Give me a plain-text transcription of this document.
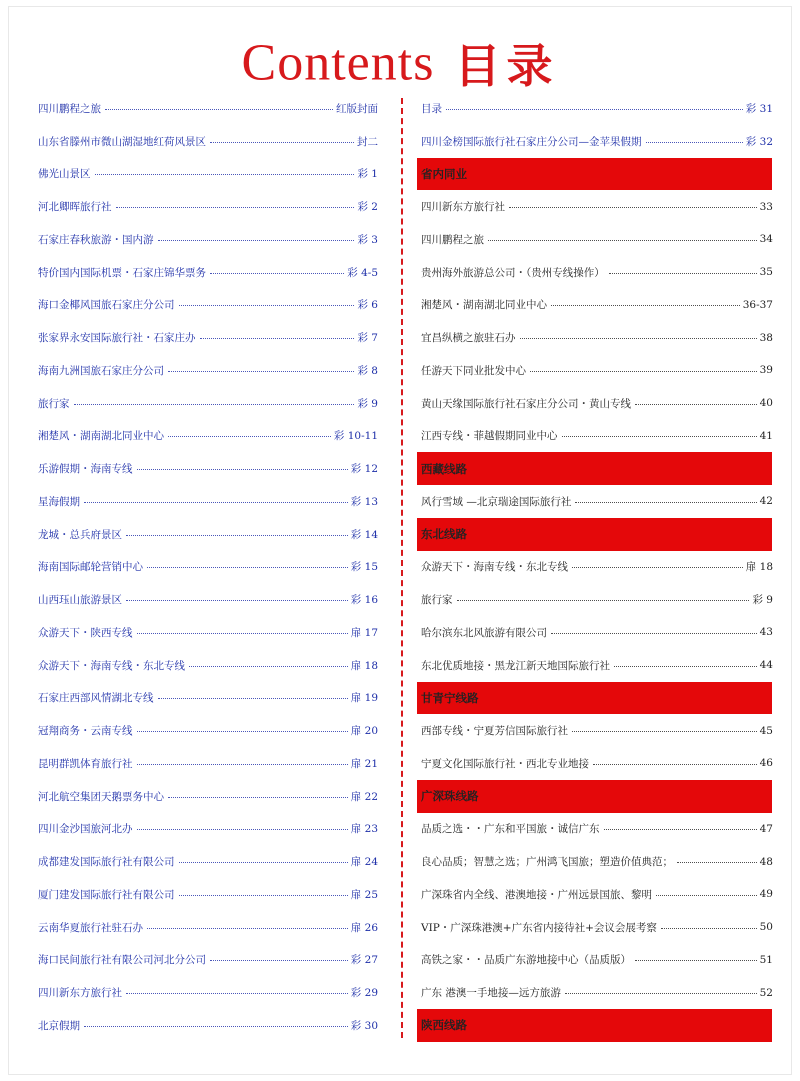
Contents 目录
四川鹏程之旅	红版封面
山东省滕州市微山湖湿地红荷风景区	封二
佛光山景区	彩 1
河北卿晖旅行社	彩 2
石家庄春秋旅游・国内游	彩 3
特价国内国际机票・石家庄锦华票务	彩 4-5
海口金椰风国旅石家庄分公司	彩 6
张家界永安国际旅行社・石家庄办	彩 7
海南九洲国旅石家庄分公司	彩 8
旅行家	彩 9
湘楚风・湖南湖北同业中心	彩 10-11
乐游假期・海南专线	彩 12
星海假期	彩 13
龙城・总兵府景区	彩 14
海南国际邮轮营销中心	彩 15
山西珏山旅游景区	彩 16
众游天下・陕西专线	扉 17
众游天下・海南专线・东北专线	扉 18
石家庄西部风情湖北专线	扉 19
冠翔商务・云南专线	扉 20
昆明群凯体育旅行社	扉 21
河北航空集团天鹅票务中心	扉 22
四川金沙国旅河北办	扉 23
成都建发国际旅行社有限公司	扉 24
厦门建发国际旅行社有限公司	扉 25
云南华夏旅行社驻石办	扉 26
海口民间旅行社有限公司河北分公司	彩 27
四川新东方旅行社	彩 29
北京假期	彩 30
目录	彩 31
四川金榜国际旅行社石家庄分公司—金苹果假期	彩 32
省内同业
四川新东方旅行社	33
四川鹏程之旅	34
贵州海外旅游总公司・（贵州专线操作）	35
湘楚风・湖南湖北同业中心	36-37
宜昌纵横之旅驻石办	38
任游天下同业批发中心	39
黄山天缘国际旅行社石家庄分公司・黄山专线	40
江西专线・菲越假期同业中心	41
西藏线路
风行雪域 —北京瑞途国际旅行社	42
东北线路
众游天下・海南专线・东北专线	扉 18
旅行家	彩 9
哈尔滨东北风旅游有限公司	43
东北优质地接・黑龙江新天地国际旅行社	44
甘青宁线路
西部专线・宁夏芳信国际旅行社	45
宁夏文化国际旅行社・西北专业地接	46
广深珠线路
品质之选・・广东和平国旅・诚信广东	47
良心品质；智慧之选；广州鸿飞国旅；塑造价值典范；	48
广深珠省内全线、港澳地接・广州远景国旅、黎明	49
VIP・广深珠港澳+广东省内接待社+会议会展考察	50
高铁之家・・品质广东游地接中心（品质版）	51
广东 港澳一手地接—远方旅游	52
陕西线路
